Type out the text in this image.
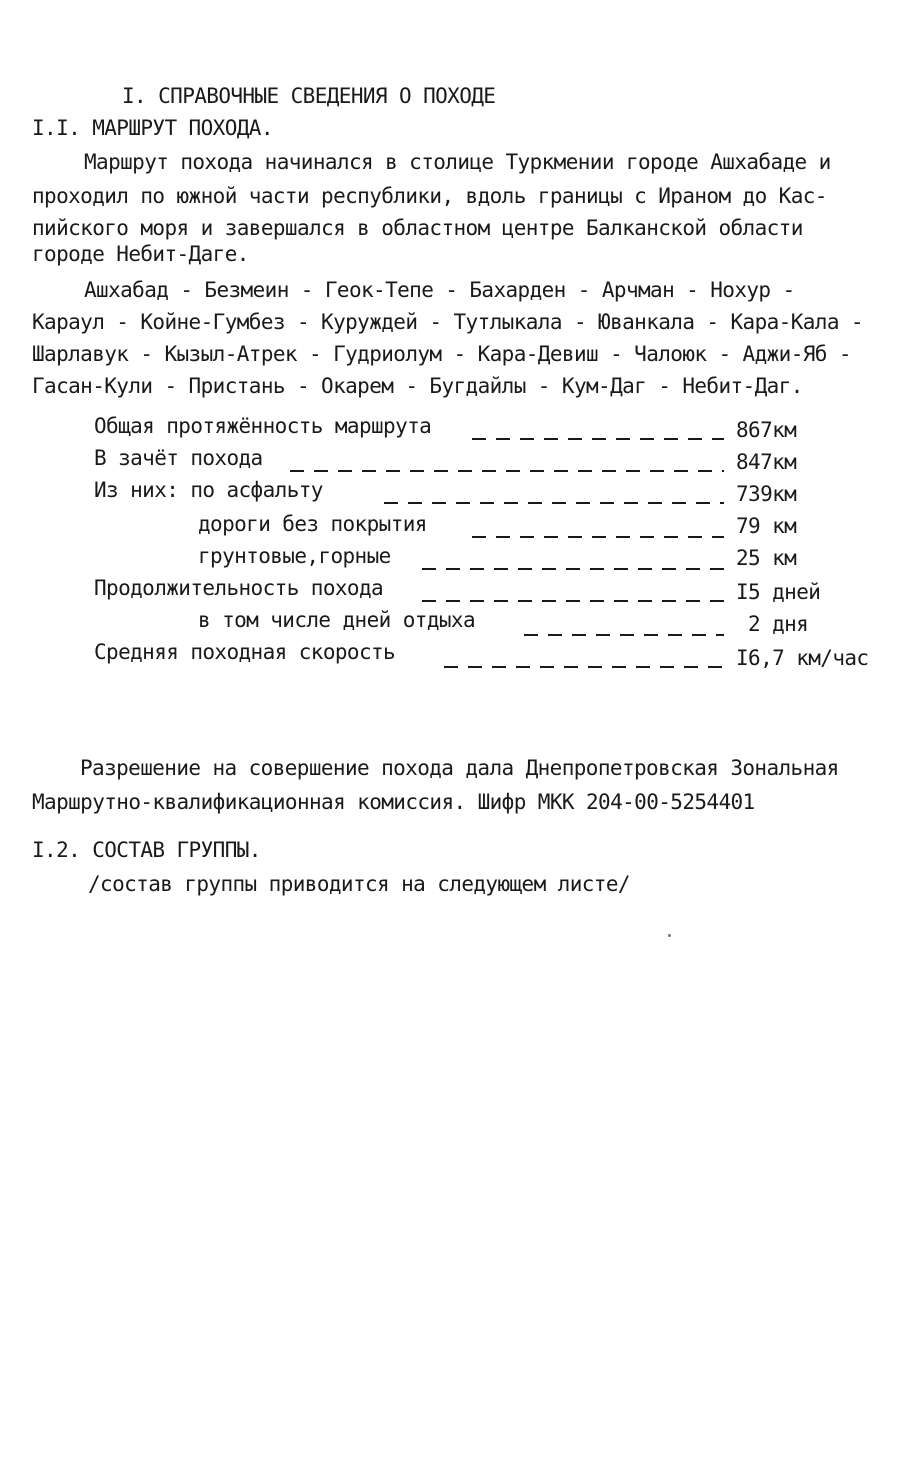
I. СПРАВОЧНЫЕ СВЕДЕНИЯ О ПОХОДЕ
I.I. МАРШРУТ ПОХОДА.
Маршрут похода начинался в столице Туркмении городе Ашхабаде и
проходил по южной части республики, вдоль границы с Ираном до Кас-
пийского моря и завершался в областном центре Балканской области
городе Небит-Даге.
Ашхабад - Безмеин - Геок-Тепе - Бахарден - Арчман - Нохур -
Караул - Койне-Гумбез - Куруждей - Тутлыкала - Юванкала - Кара-Кала -
Шарлавук - Кызыл-Атрек - Гудриолум - Кара-Девиш - Чалоюк - Аджи-Яб -
Гасан-Кули - Пристань - Окарем - Бугдайлы - Кум-Даг - Небит-Даг.
Общая протяжённость маршрута	867км
В зачёт похода	847км
Из них: по асфальту	739км
дороги без покрытия	79 км
грунтовые,горные	25 км
Продолжительность похода	I5 дней
в том числе дней отдыха	2 дня
Средняя походная скорость	I6,7 км/час
Разрешение на совершение похода дала Днепропетровская Зональная
Маршрутно-квалификационная комиссия. Шифр МКК 204-00-5254401
I.2. СОСТАВ ГРУППЫ.
/состав группы приводится на следующем листе/
